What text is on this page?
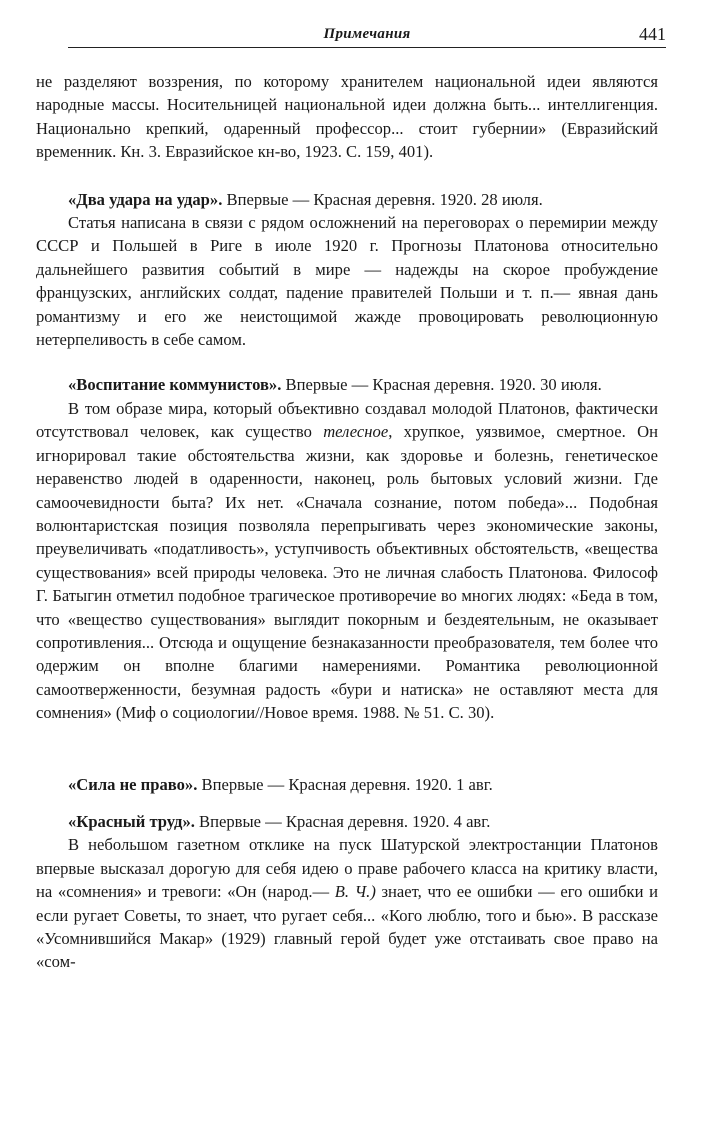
Примечания	441

не разделяют воззрения, по которому хранителем национальной идеи являются народные массы. Носительницей национальной идеи должна быть... интеллигенция. Национально крепкий, одаренный профессор... стоит губернии» (Евразийский временник. Кн. 3. Евразийское кн-во, 1923. С. 159, 401).

«Два удара на удар». Впервые — Красная деревня. 1920. 28 июля.

Статья написана в связи с рядом осложнений на переговорах о перемирии между СССР и Польшей в Риге в июле 1920 г. Прогнозы Платонова относительно дальнейшего развития событий в мире — надежды на скорое пробуждение французских, английских солдат, падение правителей Польши и т. п.— явная дань романтизму и его же неистощимой жажде провоцировать революционную нетерпеливость в себе самом.

«Воспитание коммунистов». Впервые — Красная деревня. 1920. 30 июля.

В том образе мира, который объективно создавал молодой Платонов, фактически отсутствовал человек, как существо телесное, хрупкое, уязвимое, смертное. Он игнорировал такие обстоятельства жизни, как здоровье и болезнь, генетическое неравенство людей в одаренности, наконец, роль бытовых условий жизни. Где самоочевидности быта? Их нет. «Сначала сознание, потом победа»... Подобная волюнтаристская позиция позволяла перепрыгивать через экономические законы, преувеличивать «податливость», уступчивость объективных обстоятельств, «вещества существования» всей природы человека. Это не личная слабость Платонова. Философ Г. Батыгин отметил подобное трагическое противоречие во многих людях: «Беда в том, что «вещество существования» выглядит покорным и бездеятельным, не оказывает сопротивления... Отсюда и ощущение безнаказанности преобразователя, тем более что одержим он вполне благими намерениями. Романтика революционной самоотверженности, безумная радость «бури и натиска» не оставляют места для сомнения» (Миф о социологии//Новое время. 1988. № 51. С. 30).

«Сила не право». Впервые — Красная деревня. 1920. 1 авг.

«Красный труд». Впервые — Красная деревня. 1920. 4 авг.

В небольшом газетном отклике на пуск Шатурской электростанции Платонов впервые высказал дорогую для себя идею о праве рабочего класса на критику власти, на «сомнения» и тревоги: «Он (народ.— В. Ч.) знает, что ее ошибки — его ошибки и если ругает Советы, то знает, что ругает себя... «Кого люблю, того и бью». В рассказе «Усомнившийся Макар» (1929) главный герой будет уже отстаивать свое право на «сом-
